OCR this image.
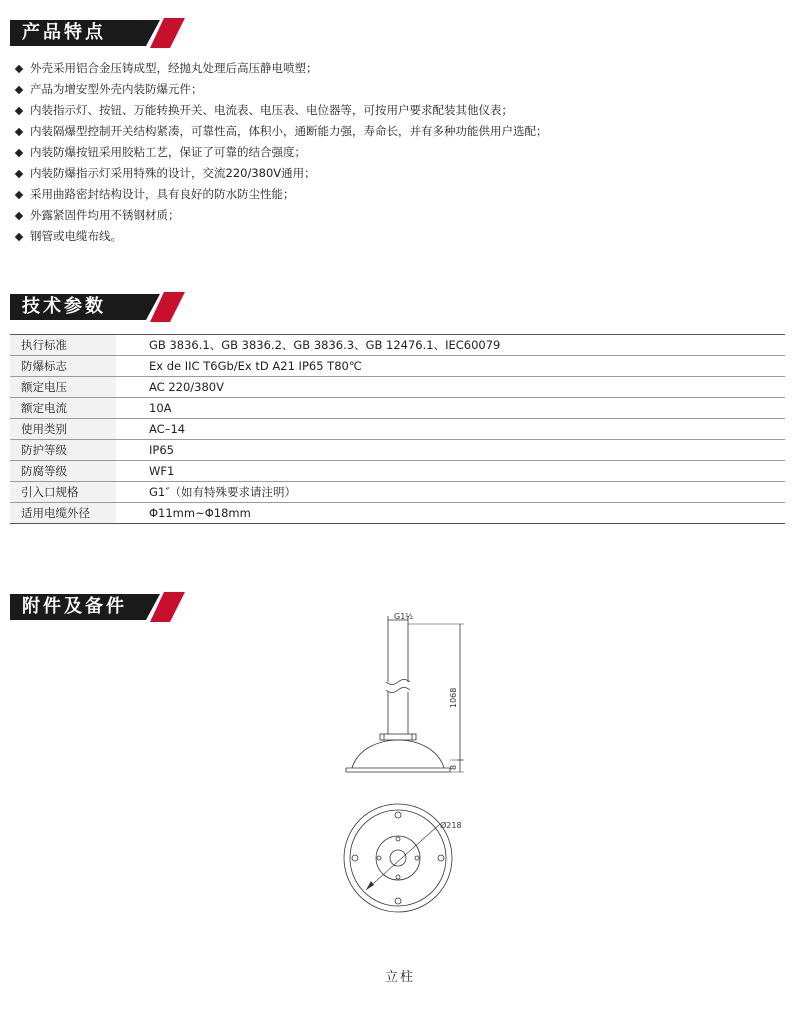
产品特点
外壳采用铝合金压铸成型，经抛丸处理后高压静电喷塑；
产品为增安型外壳内装防爆元件；
内装指示灯、按钮、万能转换开关、电流表、电压表、电位器等，可按用户要求配装其他仪表；
内装隔爆型控制开关结构紧凑，可靠性高，体积小，通断能力强，寿命长，并有多种功能供用户选配；
内装防爆按钮采用胶粘工艺，保证了可靠的结合强度；
内装防爆指示灯采用特殊的设计，交流220/380V通用；
采用曲路密封结构设计，具有良好的防水防尘性能；
外露紧固件均用不锈钢材质；
钢管或电缆布线。
技术参数
执行标准	GB 3836.1、GB 3836.2、GB 3836.3、GB 12476.1、IEC60079
防爆标志	Ex de IIC T6Gb/Ex tD A21 IP65 T80℃
额定电压	AC 220/380V
额定电流	10A
使用类别	AC–14
防护等级	IP65
防腐等级	WF1
引入口规格	G1″（如有特殊要求请注明）
适用电缆外径	Φ11mm~Φ18mm
附件及备件	G1½
1068
8
Ø218
立柱
